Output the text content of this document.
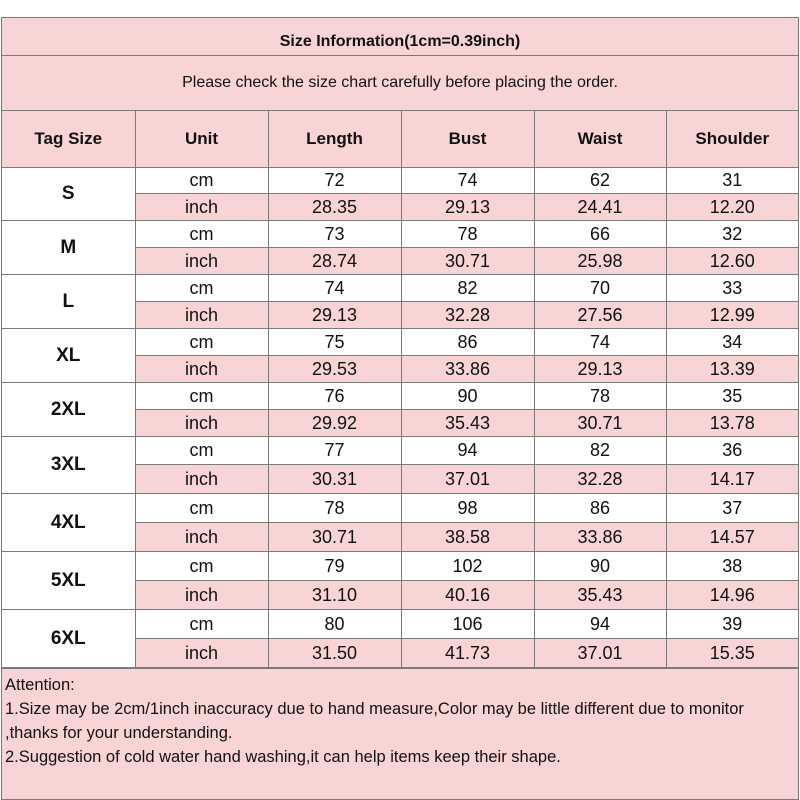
Size Information(1cm=0.39inch)
Please check the size chart carefully before placing the order.
Tag Size	Unit	Length	Bust	Waist	Shoulder
S	cm	72	74	62	31
	inch	28.35	29.13	24.41	12.20
M	cm	73	78	66	32
	inch	28.74	30.71	25.98	12.60
L	cm	74	82	70	33
	inch	29.13	32.28	27.56	12.99
XL	cm	75	86	74	34
	inch	29.53	33.86	29.13	13.39
2XL	cm	76	90	78	35
	inch	29.92	35.43	30.71	13.78
3XL	cm	77	94	82	36
	inch	30.31	37.01	32.28	14.17
4XL	cm	78	98	86	37
	inch	30.71	38.58	33.86	14.57
5XL	cm	79	102	90	38
	inch	31.10	40.16	35.43	14.96
6XL	cm	80	106	94	39
	inch	31.50	41.73	37.01	15.35
Attention:
1.Size may be 2cm/1inch inaccuracy due to hand measure,Color may be little different due to monitor ,thanks for your understanding.
2.Suggestion of cold water hand washing,it can help items keep their shape.
